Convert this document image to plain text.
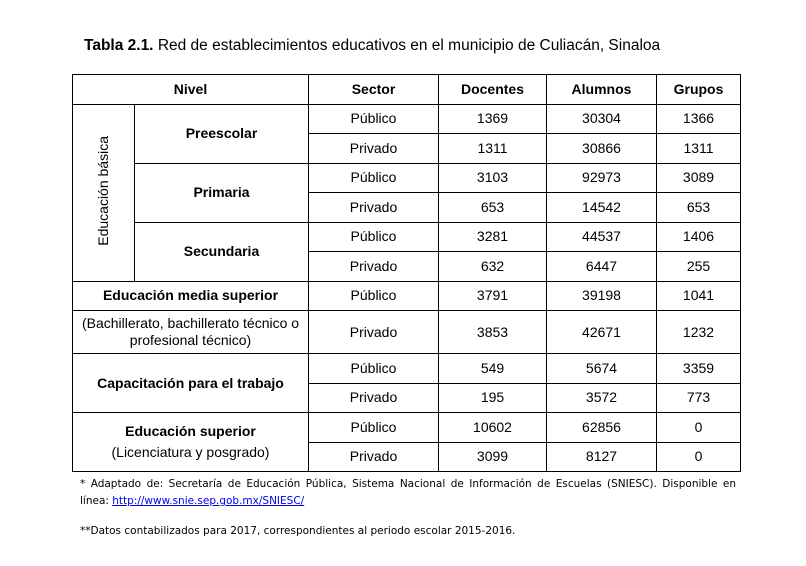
Tabla 2.1. Red de establecimientos educativos en el municipio de Culiacán, Sinaloa
Nivel		Sector	Docentes	Alumnos	Grupos
Educación básica	Preescolar	Público	1369	30304	1366
		Privado	1311	30866	1311
	Primaria	Público	3103	92973	3089
		Privado	653	14542	653
	Secundaria	Público	3281	44537	1406
		Privado	632	6447	255
Educación media superior		Público	3791	39198	1041
(Bachillerato, bachillerato técnico o profesional técnico)		Privado	3853	42671	1232
Capacitación para el trabajo		Público	549	5674	3359
		Privado	195	3572	773

Educación superior
(Licenciatura y posgrado)		Público	10602	62856	0
		Privado	3099	8127	0
* Adaptado de: Secretaría de Educación Pública, Sistema Nacional de Información de Escuelas (SNIESC). Disponible en línea: http://www.snie.sep.gob.mx/SNIESC/
**Datos contabilizados para 2017, correspondientes al periodo escolar 2015-2016.
